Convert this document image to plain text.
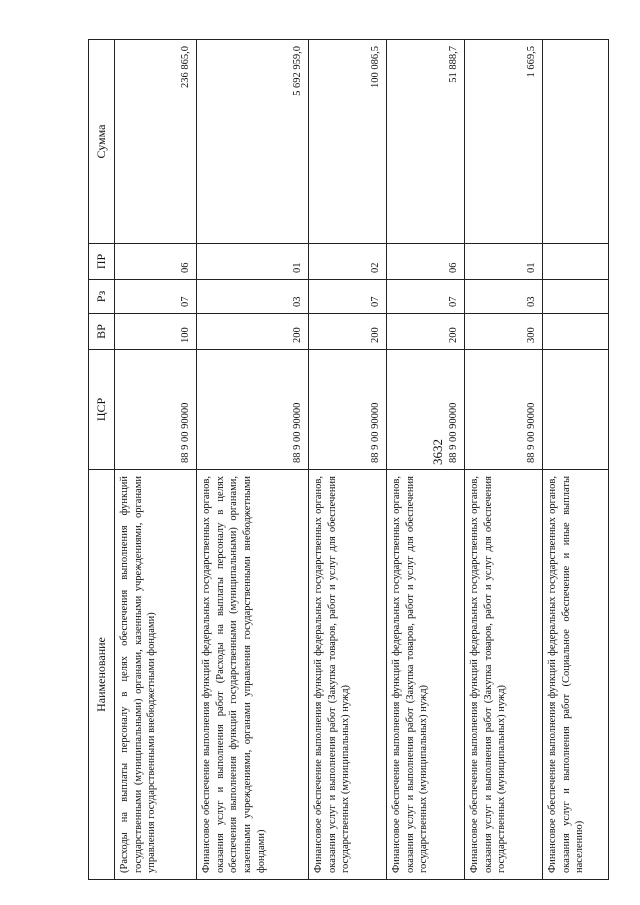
3632
Наименование	ЦСР	ВР	Рз	ПР	Сумма
(Расходы на выплаты персоналу в целях обеспечения выполнения функций государственными (муниципальными) органами, казенными учреждениями, органами управления государственными внебюджетными фондами)	88 9 00 90000	100	07	06	236 865,0
Финансовое обеспечение выполнения функций федеральных государственных органов, оказания услуг и выполнения работ (Расходы на выплаты персоналу в целях обеспечения выполнения функций государственными (муниципальными) органами, казенными учреждениями, органами управления государственными внебюджетными фондами)	88 9 00 90000	200	03	01	5 692 959,0
Финансовое обеспечение выполнения функций федеральных государственных органов, оказания услуг и выполнения работ (Закупка товаров, работ и услуг для обеспечения государственных (муниципальных) нужд)	88 9 00 90000	200	07	02	100 086,5
Финансовое обеспечение выполнения функций федеральных государственных органов, оказания услуг и выполнения работ (Закупка товаров, работ и услуг для обеспечения государственных (муниципальных) нужд)	88 9 00 90000	200	07	06	51 888,7
Финансовое обеспечение выполнения функций федеральных государственных органов, оказания услуг и выполнения работ (Закупка товаров, работ и услуг для обеспечения государственных (муниципальных) нужд)	88 9 00 90000	300	03	01	1 669,5
Финансовое обеспечение выполнения функций федеральных государственных органов, оказания услуг и выполнения работ (Социальное обеспечение и иные выплаты населению)					
